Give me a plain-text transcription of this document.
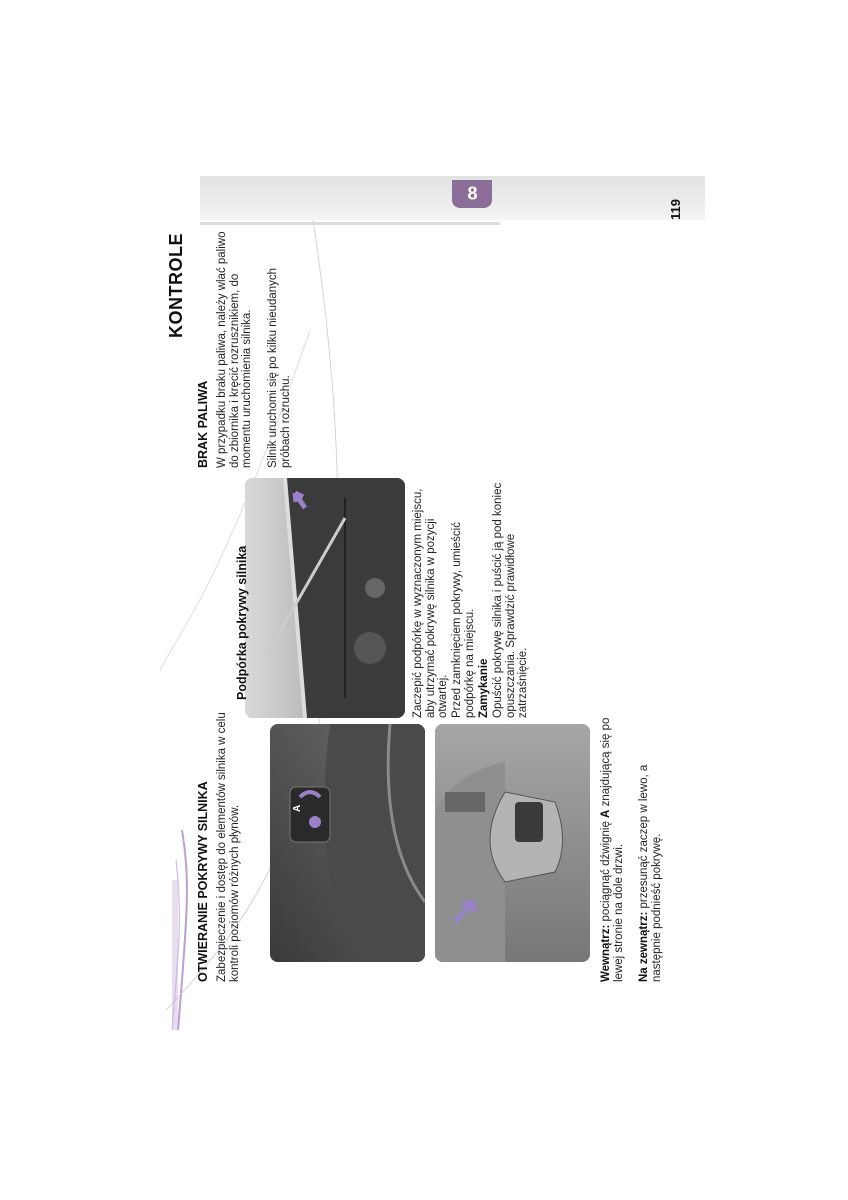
KONTROLE
8
119
OTWIERANIE POKRYWY SILNIKA Zabezpieczenie i dostęp do elementów silnika w celu kontroli poziomów różnych płynów.	A
Wewnątrz: pociągnąć dźwignię A znajdującą się po lewej stronie na dole drzwi. Na zewnątrz: przesunąć zaczep w lewo, a następnie podnieść pokrywę.
Podpórka pokrywy silnika	Zaczepić podpórkę w wyznaczonym miejscu, aby utrzymać pokrywę silnika w pozycji otwartej. Przed zamknięciem pokrywy, umieścić podpórkę na miejscu. Zamykanie Opuścić pokrywę silnika i puścić ją pod koniec opuszczania. Sprawdzić prawidłowe zatrzaśnięcie.
BRAK PALIWA W przypadku braku paliwa, należy wlać paliwo do zbiornika i kręcić rozrusznikiem, do momentu uruchomienia silnika. Silnik uruchomi się po kilku nieudanych próbach rozruchu.
